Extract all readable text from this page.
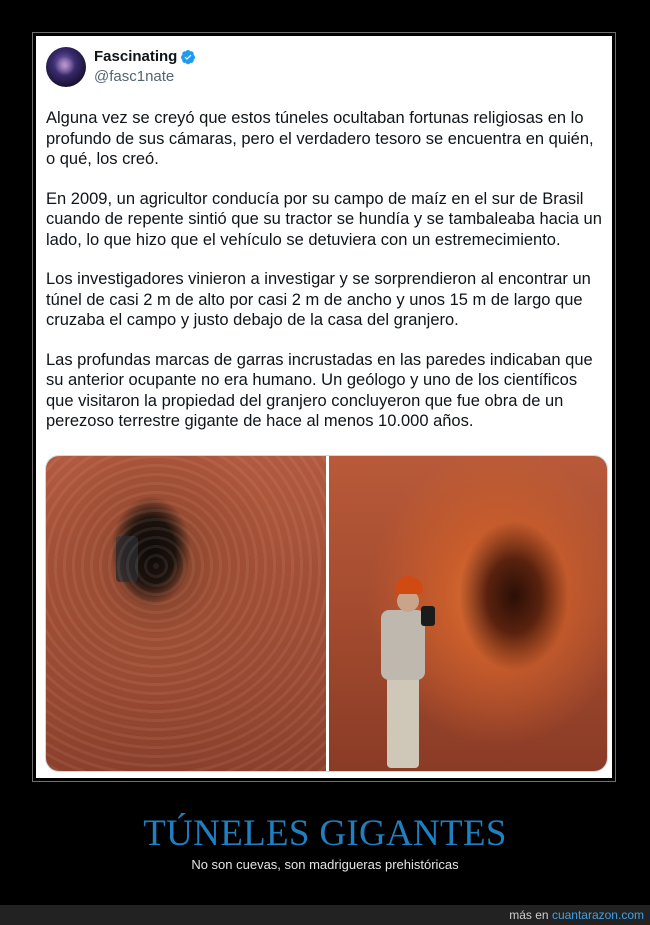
Fascinating
@fasc1nate

Alguna vez se creyó que estos túneles ocultaban fortunas religiosas en lo profundo de sus cámaras, pero el verdadero tesoro se encuentra en quién, o qué, los creó.

En 2009, un agricultor conducía por su campo de maíz en el sur de Brasil cuando de repente sintió que su tractor se hundía y se tambaleaba hacia un lado, lo que hizo que el vehículo se detuviera con un estremecimiento.

Los investigadores vinieron a investigar y se sorprendieron al encontrar un túnel de casi 2 m de alto por casi 2 m de ancho y unos 15 m de largo que cruzaba el campo y justo debajo de la casa del granjero.

Las profundas marcas de garras incrustadas en las paredes indicaban que su anterior ocupante no era humano. Un geólogo y uno de los científicos que visitaron la propiedad del granjero concluyeron que fue obra de un perezoso terrestre gigante de hace al menos 10.000 años.

TÚNELES GIGANTES
No son cuevas, son madrigueras prehistóricas
más en cuantarazon.com
